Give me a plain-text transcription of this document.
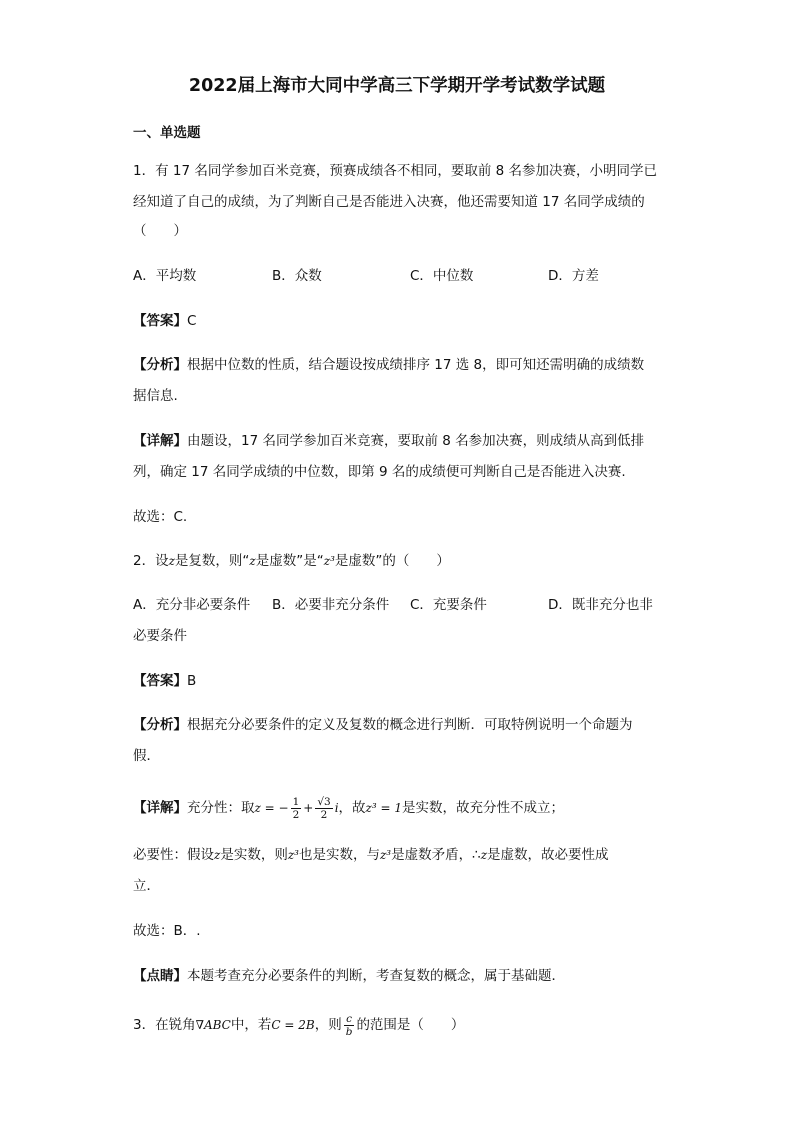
2022届上海市大同中学高三下学期开学考试数学试题
一、单选题
1．有 17 名同学参加百米竞赛，预赛成绩各不相同，要取前 8 名参加决赛，小明同学已
经知道了自己的成绩，为了判断自己是否能进入决赛，他还需要知道 17 名同学成绩的
（　　）
A．平均数	B．众数	C．中位数	D．方差
【答案】C
【分析】根据中位数的性质，结合题设按成绩排序 17 选 8，即可知还需明确的成绩数
据信息.
【详解】由题设，17 名同学参加百米竞赛，要取前 8 名参加决赛，则成绩从高到低排
列，确定 17 名同学成绩的中位数，即第 9 名的成绩便可判断自己是否能进入决赛.
故选：C.
2．设z是复数，则“z是虚数”是“z³是虚数”的（　　）
A．充分非必要条件 B．必要非充分条件 C．充要条件	D．既非充分也非
必要条件
【答案】B
【分析】根据充分必要条件的定义及复数的概念进行判断．可取特例说明一个命题为
假．
【详解】充分性：取z = − $\frac{1}{2} + \frac{√3}{2}$ i，故z³ = 1是实数，故充分性不成立；
必要性：假设z是实数，则z³也是实数，与z³是虚数矛盾，∴z是虚数，故必要性成
立．
故选：B．.
【点睛】本题考查充分必要条件的判断，考查复数的概念，属于基础题．
3．在锐角∇ABC中，若C = 2B，则 $\frac{c}{b}$ 的范围是（　　）
